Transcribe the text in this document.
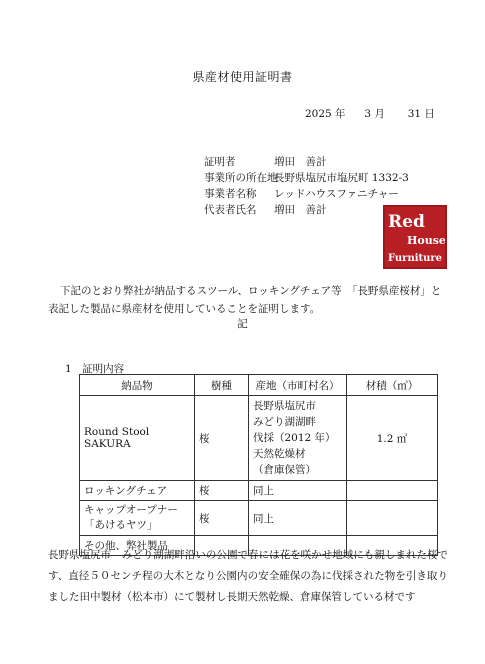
県産材使用証明書
2025 年 3 月 31 日
証明者	増田　善計
事業所の所在地長野県塩尻市塩尻町 1332-3
事業者名称 レッドハウスファニチャー
代表者氏名 増田　善計
Red
House
Furniture
下記のとおり弊社が納品するスツール、ロッキングチェア等　「長野県産桜材」と表記した製品に県産材を使用していることを証明します。
記
1　証明内容
納品物	樹種	産地（市町村名）	材積（㎥）
Round Stool SAKURA	桜	長野県塩尻市
みどり湖湖畔
伐採（2012 年）
天然乾燥材
（倉庫保管）	1.2 ㎥
ロッキングチェア	桜	同上	
キャップオープナー「あけるヤツ」	桜	同上	
その他、弊社製品			
長野県塩尻市　みどり湖湖畔沿いの公園で春には花を咲かせ地域にも親しまれた桜です、直径５０センチ程の大木となり公園内の安全確保の為に伐採された物を引き取りました田中製材（松本市）にて製材し長期天然乾燥、倉庫保管している材です
